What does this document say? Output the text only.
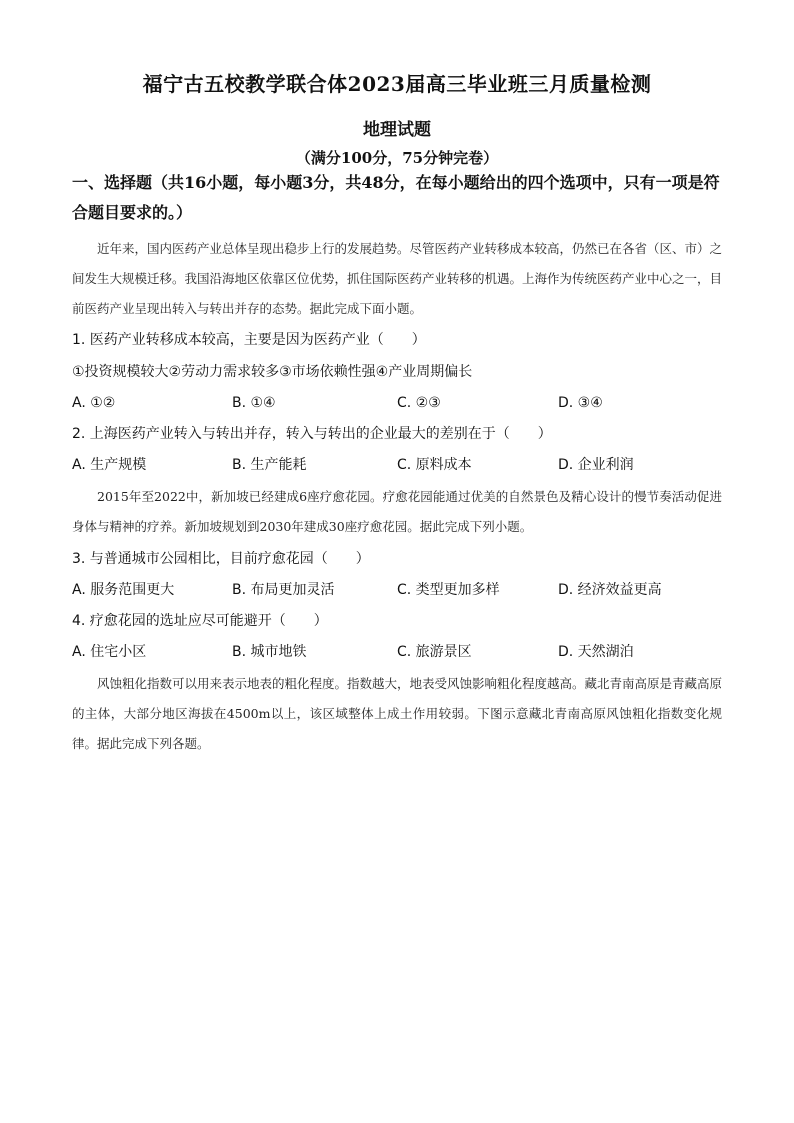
福宁古五校教学联合体2023届高三毕业班三月质量检测
地理试题
（满分100分，75分钟完卷）
一、选择题（共16小题，每小题3分，共48分，在每小题给出的四个选项中，只有一项是符合题目要求的。）
近年来，国内医药产业总体呈现出稳步上行的发展趋势。尽管医药产业转移成本较高，仍然已在各省（区、市）之间发生大规模迁移。我国沿海地区依靠区位优势，抓住国际医药产业转移的机遇。上海作为传统医药产业中心之一，目前医药产业呈现出转入与转出并存的态势。据此完成下面小题。
1. 医药产业转移成本较高，主要是因为医药产业（　　）
①投资规模较大②劳动力需求较多③市场依赖性强④产业周期偏长
A. ①②	B. ①④	C. ②③	D. ③④
2. 上海医药产业转入与转出并存，转入与转出的企业最大的差别在于（　　）
A. 生产规模	B. 生产能耗	C. 原料成本	D. 企业利润
2015年至2022中，新加坡已经建成6座疗愈花园。疗愈花园能通过优美的自然景色及精心设计的慢节奏活动促进身体与精神的疗养。新加坡规划到2030年建成30座疗愈花园。据此完成下列小题。
3. 与普通城市公园相比，目前疗愈花园（　　）
A. 服务范围更大	B. 布局更加灵活	C. 类型更加多样	D. 经济效益更高
4. 疗愈花园的选址应尽可能避开（　　）
A. 住宅小区	B. 城市地铁	C. 旅游景区	D. 天然湖泊
风蚀粗化指数可以用来表示地表的粗化程度。指数越大，地表受风蚀影响粗化程度越高。藏北青南高原是青藏高原的主体，大部分地区海拔在4500m以上，该区域整体上成土作用较弱。下图示意藏北青南高原风蚀粗化指数变化规律。据此完成下列各题。
